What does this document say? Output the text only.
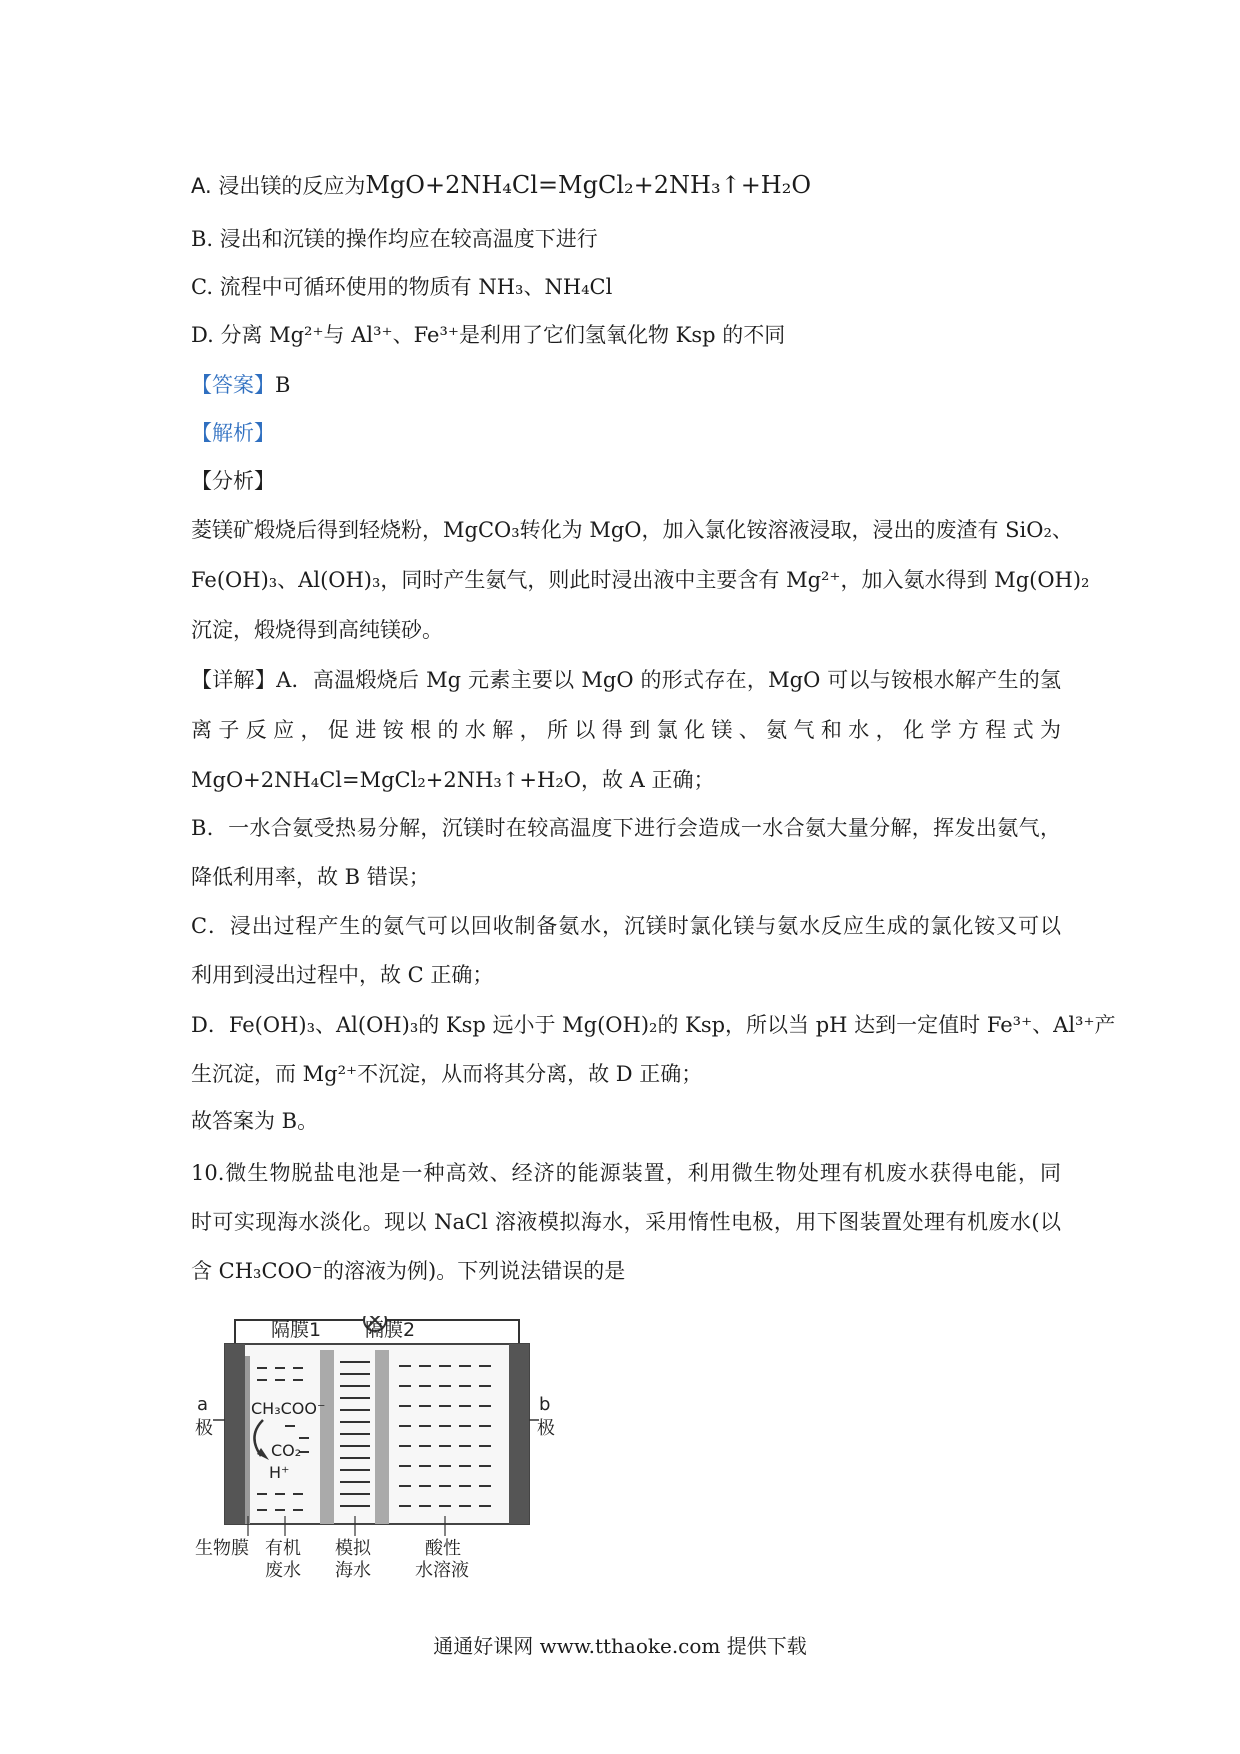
A. 浸出镁的反应为MgO+2NH₄Cl=MgCl₂+2NH₃↑+H₂O
B. 浸出和沉镁的操作均应在较高温度下进行
C. 流程中可循环使用的物质有 NH₃、NH₄Cl
D. 分离 Mg²⁺与 Al³⁺、Fe³⁺是利用了它们氢氧化物 Ksp 的不同
【答案】B
【解析】
【分析】
菱镁矿煅烧后得到轻烧粉，MgCO₃转化为 MgO，加入氯化铵溶液浸取，浸出的废渣有 SiO₂、
Fe(OH)₃、Al(OH)₃，同时产生氨气，则此时浸出液中主要含有 Mg²⁺，加入氨水得到 Mg(OH)₂
沉淀，煅烧得到高纯镁砂。
【详解】A．高温煅烧后 Mg 元素主要以 MgO 的形式存在，MgO 可以与铵根水解产生的氢
离子反应，促进铵根的水解，所以得到氯化镁、氨气和水，化学方程式为
MgO+2NH₄Cl=MgCl₂+2NH₃↑+H₂O，故 A 正确；
B．一水合氨受热易分解，沉镁时在较高温度下进行会造成一水合氨大量分解，挥发出氨气，
降低利用率，故 B 错误；
C．浸出过程产生的氨气可以回收制备氨水，沉镁时氯化镁与氨水反应生成的氯化铵又可以
利用到浸出过程中，故 C 正确；
D．Fe(OH)₃、Al(OH)₃的 Ksp 远小于 Mg(OH)₂的 Ksp，所以当 pH 达到一定值时 Fe³⁺、Al³⁺产
生沉淀，而 Mg²⁺不沉淀，从而将其分离，故 D 正确；
故答案为 B。
10.微生物脱盐电池是一种高效、经济的能源装置，利用微生物处理有机废水获得电能，同
时可实现海水淡化。现以 NaCl 溶液模拟海水，采用惰性电极，用下图装置处理有机废水(以
含 CH₃COO⁻的溶液为例)。下列说法错误的是
隔膜1 隔膜2
CH₃COO⁻
CO₂
H⁺
a
极
b
极
生物膜 有机
废水
模拟
海水
酸性
水溶液
通通好课网 www.tthaoke.com 提供下载
